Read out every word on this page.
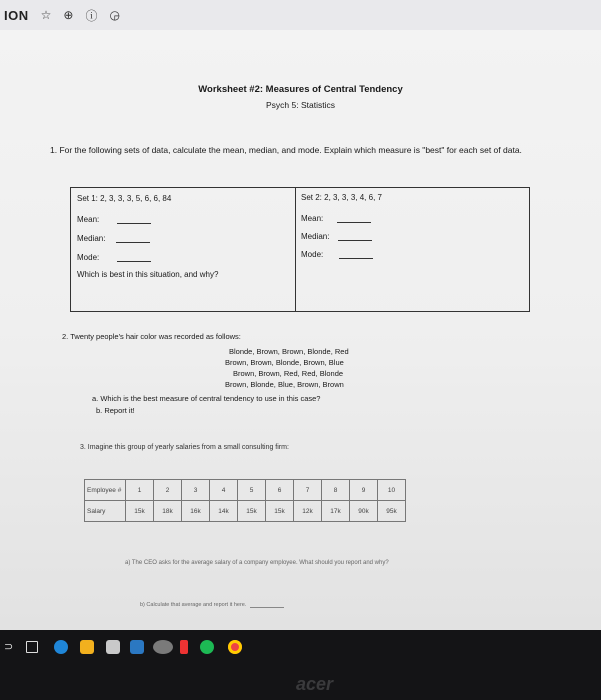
ION ☆ ⊕ ⓘ ◶
Worksheet #2: Measures of Central Tendency
Psych 5: Statistics
1. For the following sets of data, calculate the mean, median, and mode. Explain which measure is "best" for each set of data.
Set 1: 2, 3, 3, 3, 5, 6, 6, 84
Mean:
Median:
Mode:
Which is best in this situation, and why?
Set 2: 2, 3, 3, 3, 4, 6, 7
Mean:
Median:
Mode:
2. Twenty people's hair color was recorded as follows:
Blonde, Brown, Brown, Blonde, Red
Brown, Brown, Blonde, Brown, Blue
Brown, Brown, Red, Red, Blonde
Brown, Blonde, Blue, Brown, Brown
a. Which is the best measure of central tendency to use in this case?
b. Report it!
3. Imagine this group of yearly salaries from a small consulting firm:
Employee #	1	2	3	4	5	6	7	8	9	10
Salary	15k	18k	16k	14k	15k	15k	12k	17k	90k	95k
a) The CEO asks for the average salary of a company employee. What should you report and why?
b) Calculate that average and report it here.
⊃
acer
